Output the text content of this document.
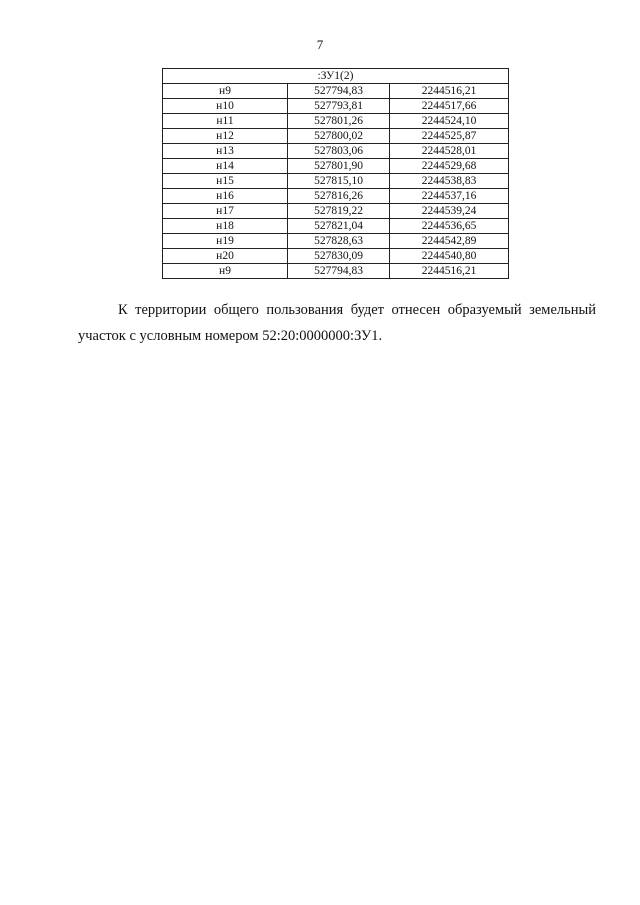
7
:ЗУ1(2)		
н9	527794,83	2244516,21
н10	527793,81	2244517,66
н11	527801,26	2244524,10
н12	527800,02	2244525,87
н13	527803,06	2244528,01
н14	527801,90	2244529,68
н15	527815,10	2244538,83
н16	527816,26	2244537,16
н17	527819,22	2244539,24
н18	527821,04	2244536,65
н19	527828,63	2244542,89
н20	527830,09	2244540,80
н9	527794,83	2244516,21

К территории общего пользования будет отнесен образуемый земельный участок с условным номером 52:20:0000000:ЗУ1.
